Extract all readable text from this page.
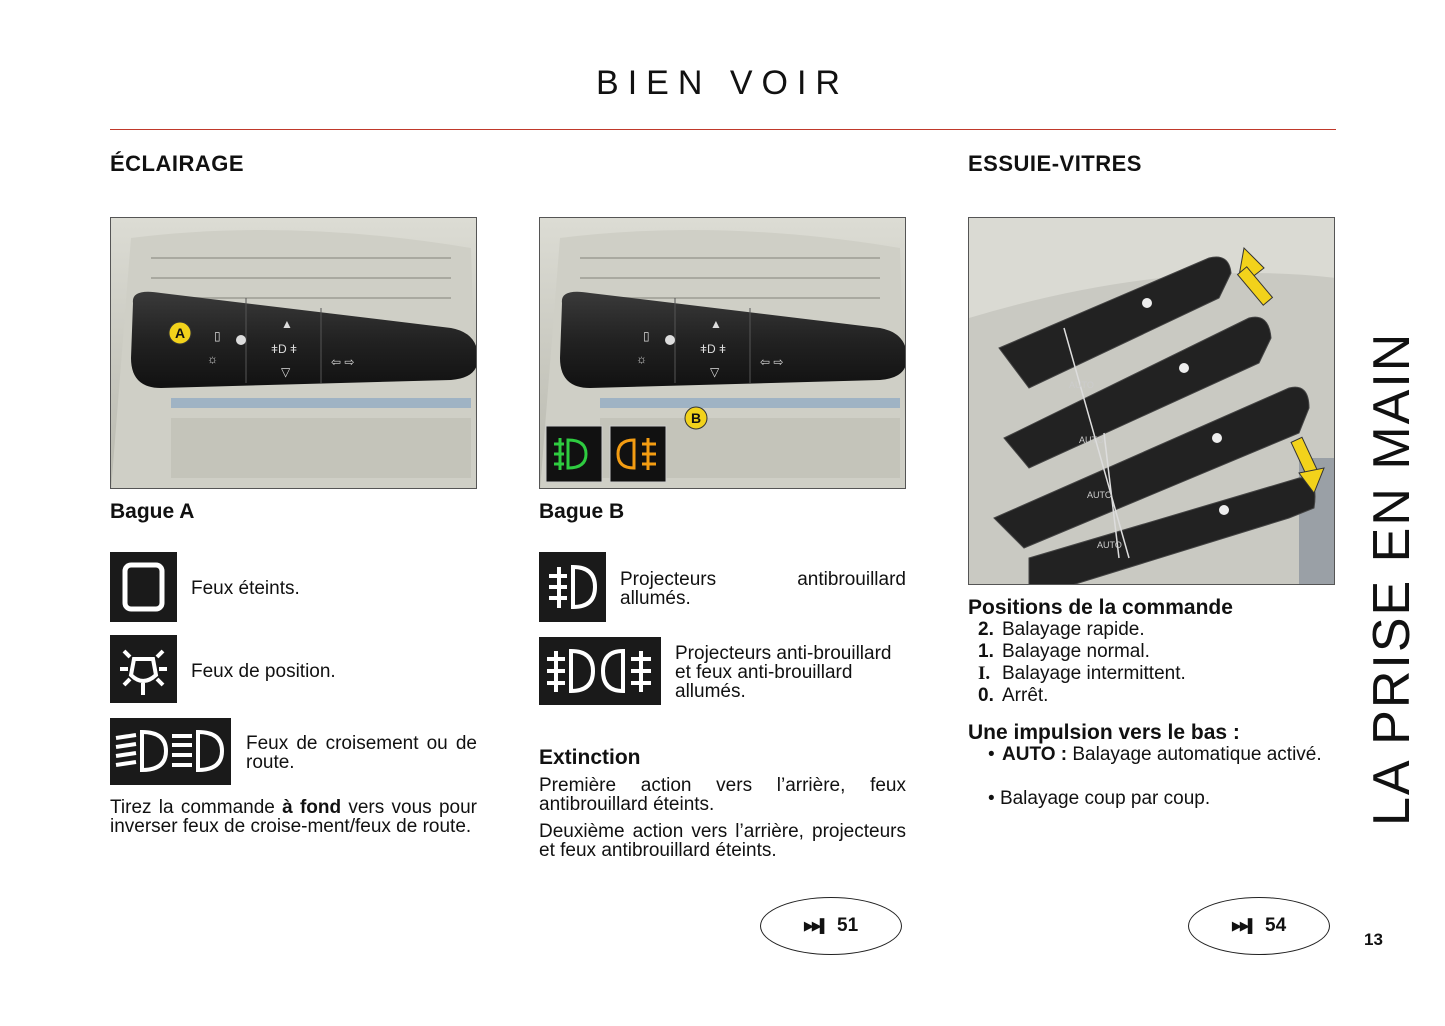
BIEN VOIR
ÉCLAIRAGE	ESSUIE-VITRES
▯
☼
▲
ǂD ǂ
▽
⇦ ⇨
A	▯
☼
▲
ǂD ǂ
▽
⇦ ⇨
B
AUTO
AUTO
AUTO
AUTO
Bague A
Feux éteints.
Feux de position.
Feux de croisement ou de route.
Tirez la commande à fond vers vous pour inverser feux de croise-ment/feux de route.
Bague B
Projecteurs antibrouillard allumés.
Projecteurs anti-brouillard et feux anti-brouillard allumés.
Extinction
Première action vers l’arrière, feux antibrouillard éteints.
Deuxième action vers l’arrière, projecteurs et feux antibrouillard éteints.
▶▶▌ 51
Positions de la commande
2. Balayage rapide.
1. Balayage normal.
I. Balayage intermittent.
0. Arrêt.
Une impulsion vers le bas :
• AUTO : Balayage automatique activé.
• Balayage coup par coup.
▶▶▌ 54
LA PRISE EN MAIN
13
